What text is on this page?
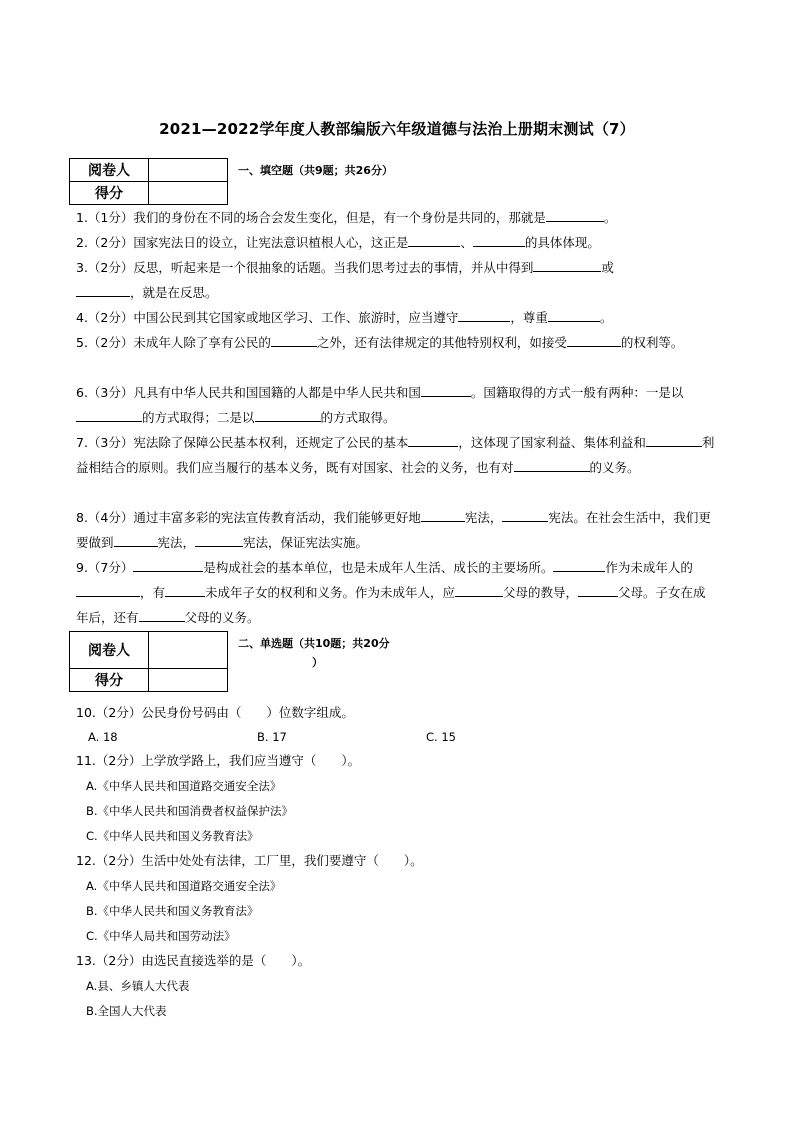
2021—2022学年度人教部编版六年级道德与法治上册期末测试（7）
阅卷人	
得分	
一、填空题（共9题；共26分）

1.（1分）我们的身份在不同的场合会发生变化，但是，有一个身份是共同的，那就是	。

2.（2分）国家宪法日的设立，让宪法意识植根人心，这正是	、	的具体体现。

3.（2分）反思，听起来是一个很抽象的话题。当我们思考过去的事情，并从中得到	或
，就是在反思。

4.（2分）中国公民到其它国家或地区学习、工作、旅游时，应当遵守	，尊重	。

5.（2分）未成年人除了享有公民的	之外，还有法律规定的其他特别权利，如接受	的权利等。

6.（3分）凡具有中华人民共和国国籍的人都是中华人民共和国	。国籍取得的方式一般有两种：一是以的方式取得；二是以	的方式取得。

7.（3分）宪法除了保障公民基本权利，还规定了公民的基本	，这体现了国家利益、集体利益和	利益相结合的原则。我们应当履行的基本义务，既有对国家、社会的义务，也有对	的义务。

8.（4分）通过丰富多彩的宪法宣传教育活动，我们能够更好地	宪法，	宪法。在社会生活中，我们更要做到	宪法，	宪法，保证宪法实施。

9.（7分）	是构成社会的基本单位，也是未成年人生活、成长的主要场所。	作为未成年人的，有	未成年子女的权利和义务。作为未成年人，应	父母的教导，	父母。子女在成年后，还有	父母的义务。

阅卷人	
得分	
二、单选题（共10题；共20分
）

10.（2分）公民身份号码由（　　）位数字组成。

A. 18	B. 17	C. 15

11.（2分）上学放学路上，我们应当遵守（　　）。

A.《中华人民共和国道路交通安全法》
B.《中华人民共和国消费者权益保护法》
C.《中华人民共和国义务教育法》

12.（2分）生活中处处有法律，工厂里，我们要遵守（　　）。

A.《中华人民共和国道路交通安全法》
B.《中华人民共和国义务教育法》
C.《中华人局共和国劳动法》

13.（2分）由选民直接选举的是（　　）。

A.县、乡镇人大代表
B.全国人大代表
